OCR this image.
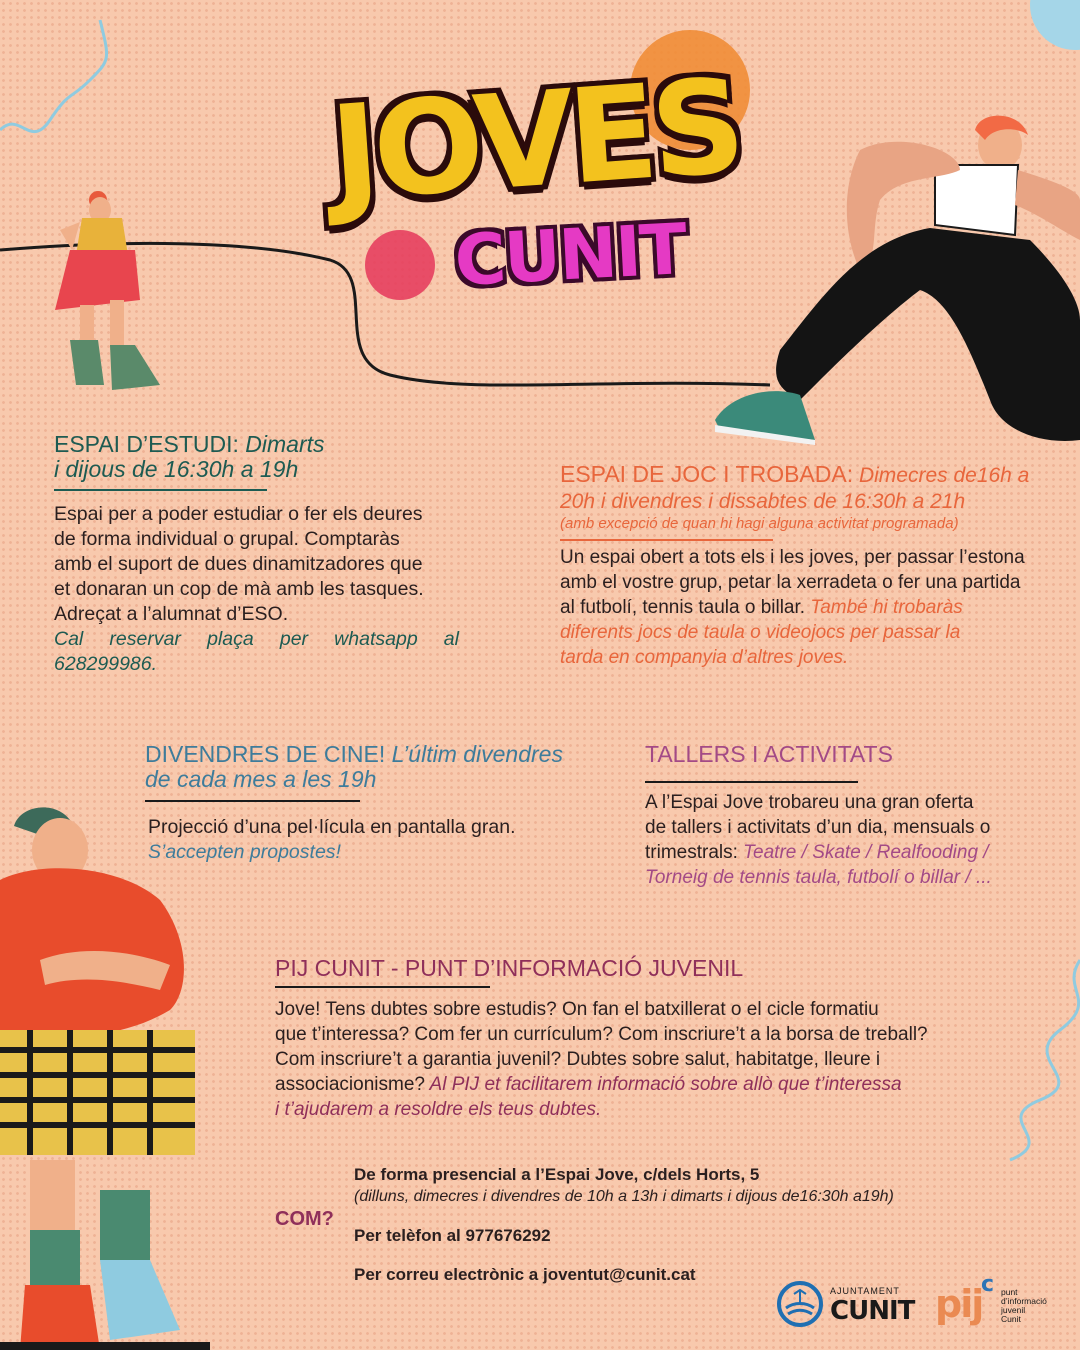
JOVES
CUNIT
ESPAI D’ESTUDI: Dimarts
i dijous de 16:30h a 19h
Espai per a poder estudiar o fer els deures
de forma individual o grupal. Comptaràs
amb el suport de dues dinamitzadores que
et donaran un cop de mà amb les tasques.
Adreçat a l’alumnat d’ESO.
Cal reservar plaça per whatsapp al
628299986.
ESPAI DE JOC I TROBADA: Dimecres de16h a
20h i divendres i dissabtes de 16:30h a 21h
(amb excepció de quan hi hagi alguna activitat programada)
Un espai obert a tots els i les joves, per passar l’estona
amb el vostre grup, petar la xerradeta o fer una partida
al futbolí, tennis taula o billar. També hi trobaràs
diferents jocs de taula o videojocs per passar la
tarda en companyia d’altres joves.
DIVENDRES DE CINE! L’últim divendres
de cada mes a les 19h
Projecció d’una pel·lícula en pantalla gran.
S’accepten propostes!
TALLERS I ACTIVITATS
A l’Espai Jove trobareu una gran oferta
de tallers i activitats d’un dia, mensuals o
trimestrals: Teatre / Skate / Realfooding /
Torneig de tennis taula, futbolí o billar / ...
PIJ CUNIT - PUNT D’INFORMACIÓ JUVENIL
Jove! Tens dubtes sobre estudis? On fan el batxillerat o el cicle formatiu
que t’interessa? Com fer un currículum? Com inscriure’t a la borsa de treball?
Com inscriure’t a garantia juvenil? Dubtes sobre salut, habitatge, lleure i
associacionisme? Al PIJ et facilitarem informació sobre allò que t’interessa
i t’ajudarem a resoldre els teus dubtes.
COM?
De forma presencial a l’Espai Jove, c/dels Horts, 5
(dilluns, dimecres i divendres de 10h a 13h i dimarts i dijous de16:30h a19h)
Per telèfon al 977676292
Per correu electrònic a joventut@cunit.cat
AJUNTAMENT
CUNIT pij
c punt
d’informació
juvenil
Cunit
